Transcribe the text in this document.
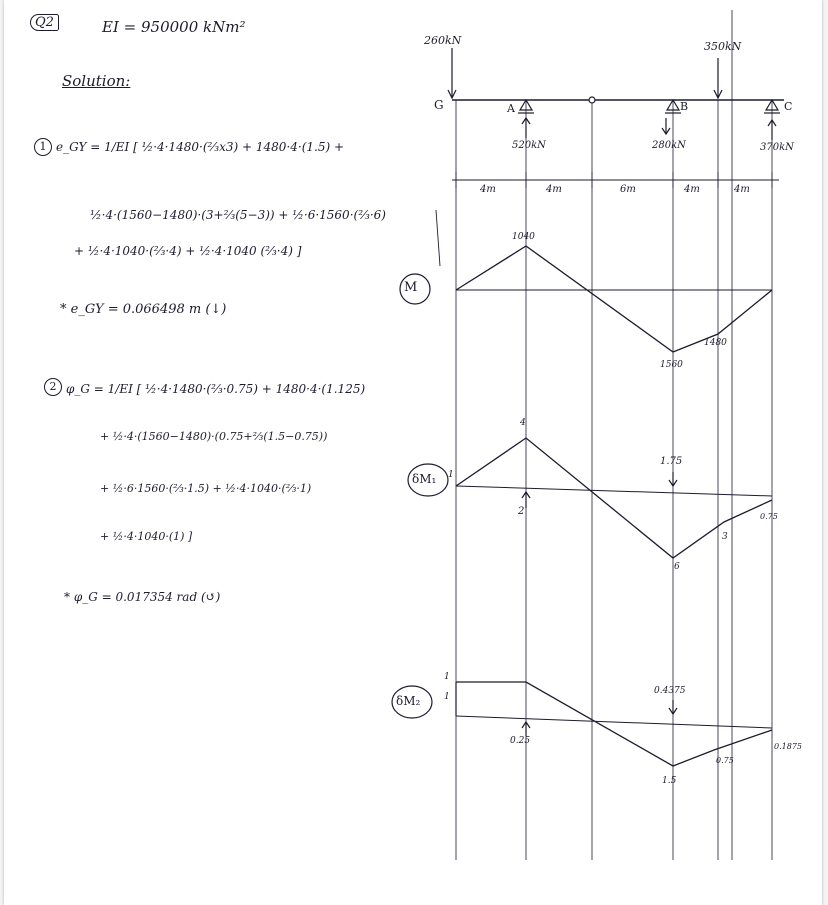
Q2	EI = 950000 kNm²
Solution:
1 e_GY = 1/EI [ ½·4·1480·(⅔x3) + 1480·4·(1.5) +
½·4·(1560−1480)·(3+⅔(5−3)) + ½·6·1560·(⅔·6)
+ ½·4·1040·(⅔·4) + ½·4·1040 (⅔·4) ]
* e_GY = 0.066498 m (↓)
2 φ_G = 1/EI [ ½·4·1480·(⅔·0.75) + 1480·4·(1.125)
+ ½·4·(1560−1480)·(0.75+⅔(1.5−0.75))
+ ½·6·1560·(⅔·1.5) + ½·4·1040·(⅔·1)
+ ½·4·1040·(1) ]
* φ_G = 0.017354 rad (↺)
260kN	350kN
G	A	B	C
520kN	280kN	370kN
4m	4m	6m	4m	4m
M
1040
1560
1480
δM₁ 1
4
1.75
2
6
3
0.75
δM₂
1
1
0.4375
0.25
1.5
0.75
0.1875
